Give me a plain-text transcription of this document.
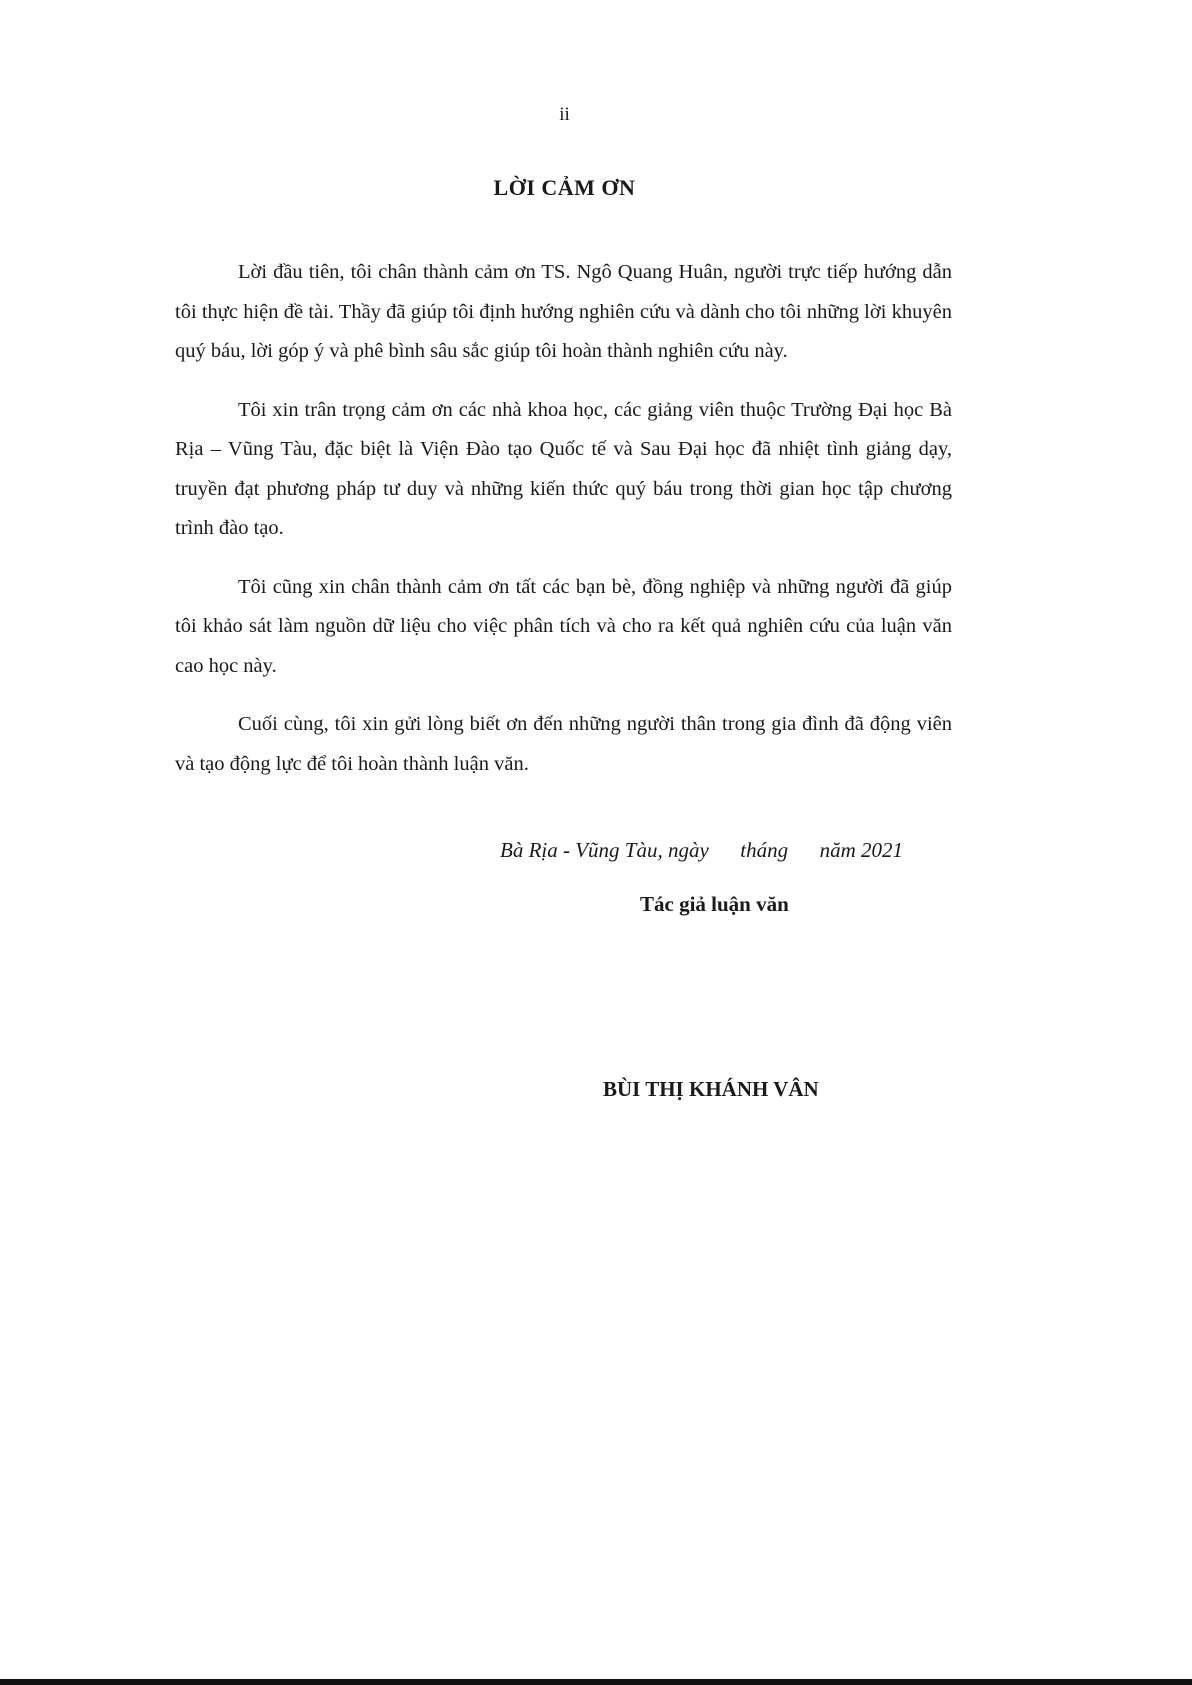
ii
LỜI CẢM ƠN

Lời đầu tiên, tôi chân thành cảm ơn TS. Ngô Quang Huân, người trực tiếp hướng dẫn tôi thực hiện đề tài. Thầy đã giúp tôi định hướng nghiên cứu và dành cho tôi những lời khuyên quý báu, lời góp ý và phê bình sâu sắc giúp tôi hoàn thành nghiên cứu này.

Tôi xin trân trọng cảm ơn các nhà khoa học, các giảng viên thuộc Trường Đại học Bà Rịa – Vũng Tàu, đặc biệt là Viện Đào tạo Quốc tế và Sau Đại học đã nhiệt tình giảng dạy, truyền đạt phương pháp tư duy và những kiến thức quý báu trong thời gian học tập chương trình đào tạo.

Tôi cũng xin chân thành cảm ơn tất các bạn bè, đồng nghiệp và những người đã giúp tôi khảo sát làm nguồn dữ liệu cho việc phân tích và cho ra kết quả nghiên cứu của luận văn cao học này.

Cuối cùng, tôi xin gửi lòng biết ơn đến những người thân trong gia đình đã động viên và tạo động lực để tôi hoàn thành luận văn.

Bà Rịa - Vũng Tàu, ngày      tháng      năm 2021
Tác giả luận văn
BÙI THỊ KHÁNH VÂN
